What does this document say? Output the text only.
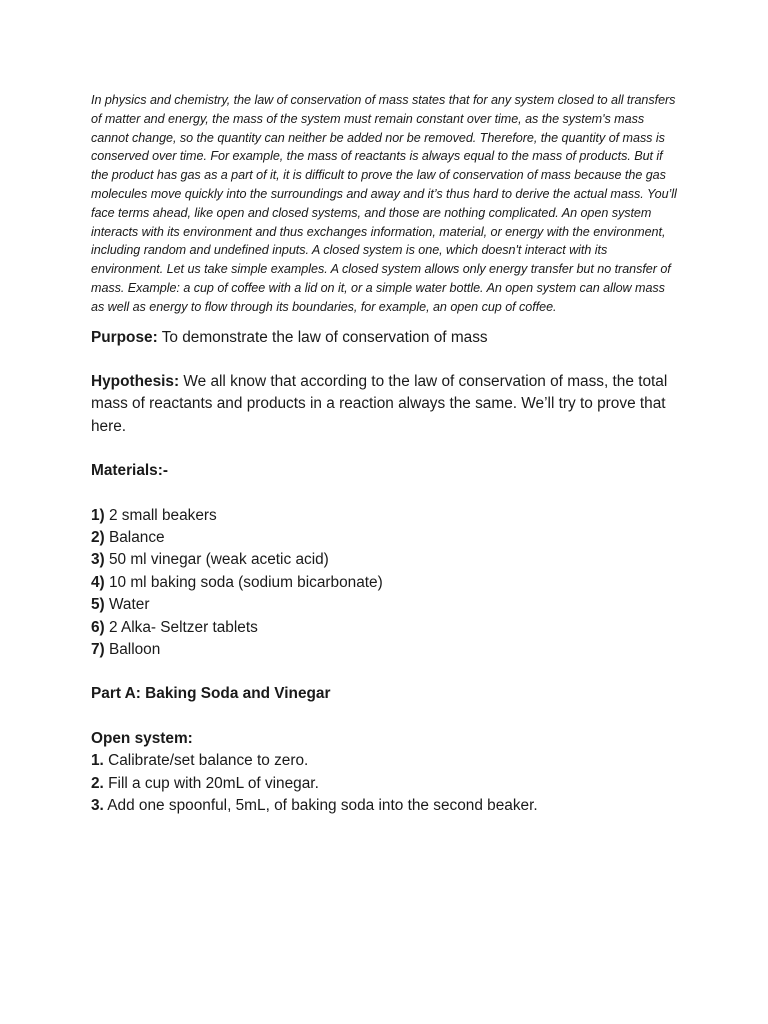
In physics and chemistry, the law of conservation of mass states that for any system closed to all transfers of matter and energy, the mass of the system must remain constant over time, as the system's mass cannot change, so the quantity can neither be added nor be removed. Therefore, the quantity of mass is conserved over time. For example, the mass of reactants is always equal to the mass of products. But if the product has gas as a part of it, it is difficult to prove the law of conservation of mass because the gas molecules move quickly into the surroundings and away and it’s thus hard to derive the actual mass. You’ll face terms ahead, like open and closed systems, and those are nothing complicated. An open system interacts with its environment and thus exchanges information, material, or energy with the environment, including random and undefined inputs. A closed system is one, which doesn't interact with its environment. Let us take simple examples. A closed system allows only energy transfer but no transfer of mass. Example: a cup of coffee with a lid on it, or a simple water bottle. An open system can allow mass as well as energy to flow through its boundaries, for example, an open cup of coffee.

Purpose: To demonstrate the law of conservation of mass

Hypothesis: We all know that according to the law of conservation of mass, the total mass of reactants and products in a reaction always the same. We’ll try to prove that here.

Materials:-

1) 2 small beakers

2) Balance

3) 50 ml vinegar (weak acetic acid)

4) 10 ml baking soda (sodium bicarbonate)

5) Water

6) 2 Alka- Seltzer tablets

7) Balloon

Part A: Baking Soda and Vinegar

Open system:

1. Calibrate/set balance to zero.

2. Fill a cup with 20mL of vinegar.

3. Add one spoonful, 5mL, of baking soda into the second beaker.
